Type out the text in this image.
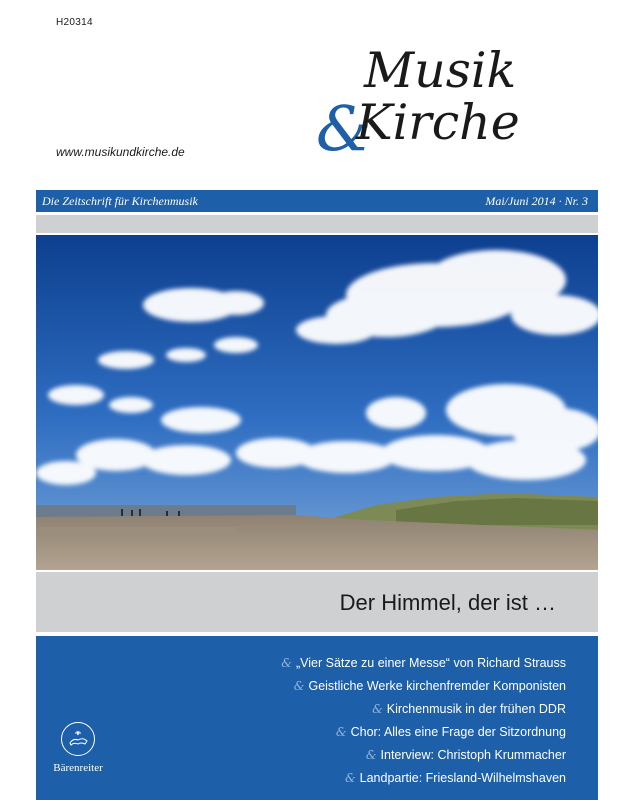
H20314
Musik
&
Kirche
www.musikundkirche.de
Die Zeitschrift für Kirchenmusik	Mai/Juni 2014 · Nr. 3
Der Himmel, der ist …
& „Vier Sätze zu einer Messe“ von Richard Strauss
& Geistliche Werke kirchenfremder Komponisten
& Kirchenmusik in der frühen DDR
& Chor: Alles eine Frage der Sitzordnung
& Interview: Christoph Krummacher
& Landpartie: Friesland-Wilhelmshaven
Bärenreiter
